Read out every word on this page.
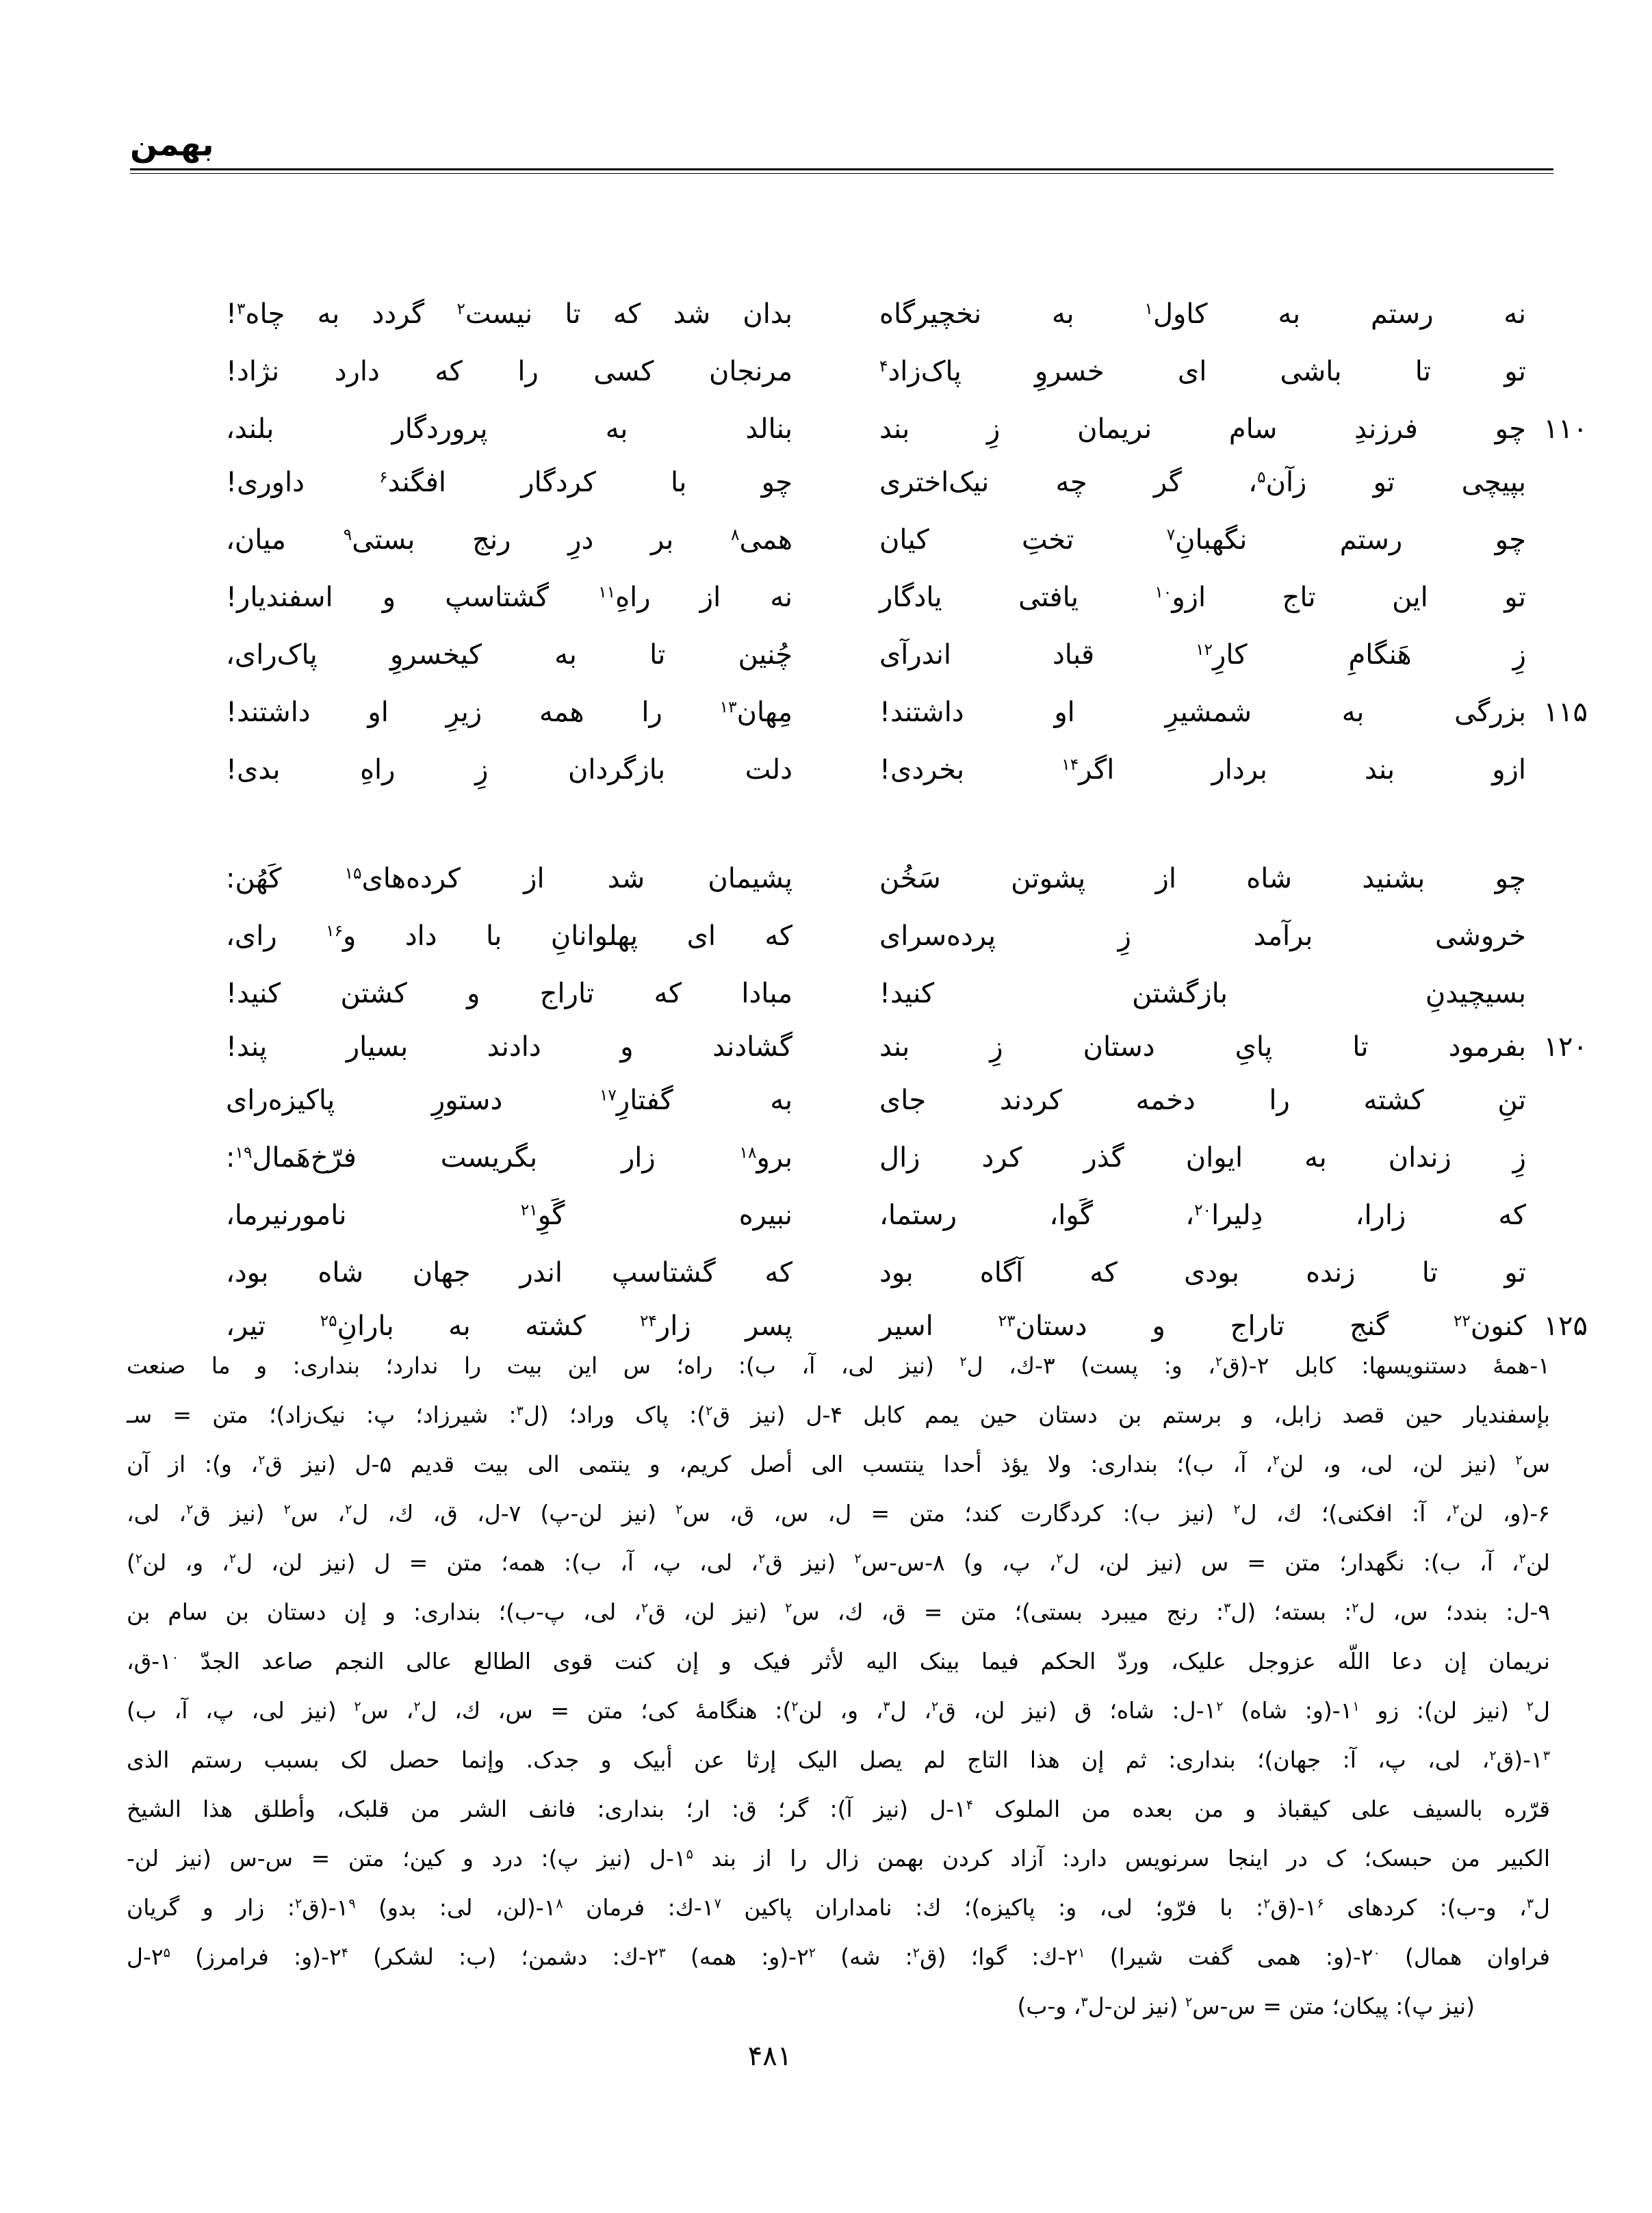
بهمن
نه رستم به كاول$^۱$ به نخچيرگاه
بدان شد كه تا نيست$^۲$ گردد به چاه$^۳$!
تو تا باشى اى خسروِ پاک‌زاد$^۴$
مرنجان كسى را كه دارد نژاد!
۱۱۰
چو فرزندِ سام نريمان زِ بند
بنالد به پروردگار بلند،
بپيچى تو زآن$^۵$، گر چه نيک‌اخترى
چو با كردگار افگند$^۶$ داورى!
چو رستم نگهبانِ$^۷$ تختِ كيان
همى$^۸$ بر درِ رنج بستى$^۹$ ميان،
تو اين تاج ازو$^{۱۰}$ يافتى يادگار
نه از راهِ$^{۱۱}$ گشتاسپ و اسفنديار!
زِ هَنگامِ كارِ$^{۱۲}$ قباد اندرآى
چُنين تا به كيخسروِ پاک‌راى،
۱۱۵
بزرگى به شمشيرِ او داشتند!
مِهان$^{۱۳}$ را همه زيرِ او داشتند!
ازو بند بردار اگر$^{۱۴}$ بخردى!
دلت بازگردان زِ راهِ بدى!
چو بشنيد شاه از پشوتن سَخُن
پشيمان شد از كرده‌هاى$^{۱۵}$ كَهُن:
خروشى برآمد زِ پرده‌سراى
كه اى پهلوانانِ با داد و$^{۱۶}$ راى،
بسيچيدنِ بازگشتن كنيد!
مبادا كه تاراج و كشتن كنيد!
۱۲۰
بفرمود تا پاىِ دستان زِ بند
گشادند و دادند بسيار پند!
تنِ كشته را دخمه كردند جاى
به گفتارِ$^{۱۷}$ دستورِ پاكيزه‌راى
زِ زندان به ايوان گذر كرد زال
برو$^{۱۸}$ زار بگريست فرّخ‌هَمال$^{۱۹}$:
كه زارا، دِليرا$^{۲۰}$، گَوا، رستما،
نبيره گَوِ$^{۲۱}$ نامورنيرما،
تو تا زنده بودى كه آگاه بود
كه گشتاسپ اندر جهان شاه بود،
۱۲۵
كنون$^{۲۲}$ گنج تاراج و دستان$^{۲۳}$ اسير
پسر زار$^{۲۴}$ كشته به بارانِ$^{۲۵}$ تير،
۱-همهٔ دستنويسها: كابل ۲-(ق$^۲$، و: پست) ۳-ك، ل$^۲$ (نيز لى، آ، ب): راه؛ س اين بيت را ندارد؛ بندارى: و ما صنعت
بإسفنديار حين قصد زابل، و برستم بن دستان حين يمم كابل ۴-ل (نيز ق$^۲$): پاک وراد؛ (ل$^۳$: شيرزاد؛ پ: نيک‌زاد)؛ متن = سـ
س$^۲$ (نيز لن، لى، و، لن$^۲$، آ، ب)؛ بندارى: ولا يؤذ أحدا ينتسب الى أصل كريم، و ينتمى الى بيت قديم ۵-ل (نيز ق$^۲$، و): از آن
۶-(و، لن$^۲$، آ: افكنى)؛ ك، ل$^۲$ (نيز ب): كردگارت كند؛ متن = ل، س، ق، س$^۲$ (نيز لن-پ) ۷-ل، ق، ك، ل$^۲$، س$^۲$ (نيز ق$^۲$، لى،
لن$^۲$، آ، ب): نگهدار؛ متن = س (نيز لن، ل$^۲$، پ، و) ۸-س-س$^۲$ (نيز ق$^۲$، لى، پ، آ، ب): همه؛ متن = ل (نيز لن، ل$^۲$، و، لن$^۲$)
۹-ل: بندد؛ س، ل$^۲$: بسته؛ (ل$^۳$: رنج ميبرد بستى)؛ متن = ق، ك، س$^۲$ (نيز لن، ق$^۲$، لى، پ-ب)؛ بندارى: و إن دستان بن سام بن
نريمان إن دعا اللّه عزوجل عليک، وردّ الحكم فيما بينک اليه لأثر فيک و إن كنت قوى الطالع عالى النجم صاعد الجدّ $۱^۰-ق،$
ل$^۲$ (نيز لن): زو $۱^۱-(و$: شاه) $۱^۲-ل$: شاه؛ ق (نيز لن، ق$^۲$، ل$^۳$، و، لن$^۲$): هنگامهٔ كى؛ متن = س، ك، ل$^۲$، س$^۲$ (نيز لى، پ، آ، ب)
$۱^۳-(ق^۲،$ لى، پ، آ: جهان)؛ بندارى: ثم إن هذا التاج لم يصل اليک إرثا عن أبيک و جدک. وإنما حصل لک بسبب رستم الذى
قرّره بالسيف على كيقباذ و من بعده من الملوک $۱^۴-ل$ (نيز آ): گر؛ ق: ار؛ بندارى: فانف الشر من قلبک، وأطلق هذا الشيخ
الكبير من حبسک؛ ک در اينجا سرنويس دارد: آزاد كردن بهمن زال را از بند $۱^۵-ل$ (نيز پ): درد و كين؛ متن = س-س (نيز لن-
ل$^۳$، و-ب): كردهاى $۱^۶-(ق^۲$: با فرّو؛ لى، و: پاكيزه)؛ ك: نامداران پاكين $۱^۷-ك$: فرمان $۱^۸-(لن،$ لى: بدو) $۱^۹-(ق^۲$: زار و گريان
فراوان همال) $۲^۰-(و$: همى گفت شيرا) $۲^۱-ك$: گوا؛ (ق$^۲$: شه) $۲^۲-(و$: همه) $۲^۳-ك$: دشمن؛ (ب: لشكر) $۲^۴-(و$: فرامرز) $۲^۵-ل$
(نيز پ): پيكان؛ متن = س-س$^۲$ (نيز لن-ل$^۳$، و-ب)
۴۸۱
